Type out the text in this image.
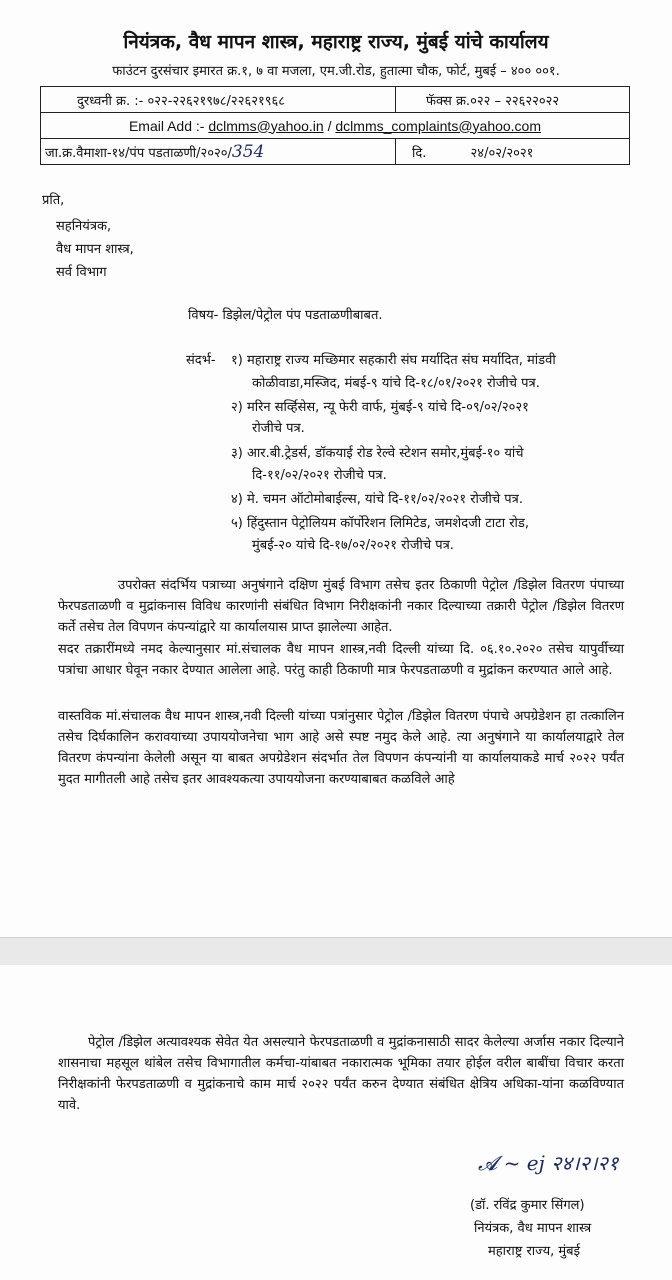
नियंत्रक, वैध मापन शास्त्र, महाराष्ट्र राज्य, मुंबई यांचे कार्यालय
फाउंटन दुरसंचार इमारत क्र.१, ७ वा मजला, एम.जी.रोड, हुतात्मा चौक, फोर्ट, मुबई – ४०० ००१.
दुरध्वनी क्र. :- ०२२-२२६२१९७८/२२६२१९६८	फॅक्स क्र.०२२ – २२६२२०२२
Email Add :- dclmms@yahoo.in / dclmms_complaints@yahoo.com	
जा.क्र.वैमाशा-१४/पंप पडताळणी/२०२०/354	दि. २४/०२/२०२१
प्रति,
सहनियंत्रक,
वैध मापन शास्त्र,
सर्व विभाग
विषय- डिझेल/पेट्रोल पंप पडताळणीबाबत.
संदर्भ- १) महाराष्ट्र राज्य मच्छिमार सहकारी संघ मर्यादित संघ मर्यादित, मांडवी
कोळीवाडा,मस्जिद, मंबई-९ यांचे दि-१८/०१/२०२१ रोजीचे पत्र.
२) मरिन सर्व्हिसेस, न्यू फेरी वार्फ, मुंबई-९ यांचे दि-०९/०२/२०२१
रोजीचे पत्र.
३) आर.बी.ट्रेडर्स, डॉकयाई रोड रेल्वे स्टेशन समोर,मुंबई-१० यांचे
दि-११/०२/२०२१ रोजीचे पत्र.
४) मे. चमन ऑटोमोबाईल्स, यांचे दि-११/०२/२०२१ रोजीचे पत्र.
५) हिंदुस्तान पेट्रोलियम कॉर्पोरेशन लिमिटेड, जमशेदजी टाटा रोड,
मुंबई-२० यांचे दि-१७/०२/२०२१ रोजीचे पत्र.
उपरोक्त संदर्भिय पत्राच्या अनुषंगाने दक्षिण मुंबई विभाग तसेच इतर ठिकाणी पेट्रोल /डिझेल वितरण पंपाच्या फेरपडताळणी व मुद्रांकनास विविध कारणांनी संबंधित विभाग निरीक्षकांनी नकार दिल्याच्या तक्रारी पेट्रोल /डिझेल वितरण कर्ते तसेच तेल विपणन कंपन्यांद्वारे या कार्यालयास प्राप्त झालेल्या आहेत.
सदर तक्रारींमध्ये नमद केल्यानुसार मां.संचालक वैध मापन शास्त्र,नवी दिल्ली यांच्या दि. ०६.१०.२०२० तसेच यापुर्वीच्या पत्रांचा आधार घेवून नकार देण्यात आलेला आहे. परंतु काही ठिकाणी मात्र फेरपडताळणी व मुद्रांकन करण्यात आले आहे.
वास्तविक मां.संचालक वैध मापन शास्त्र,नवी दिल्ली यांच्या पत्रांनुसार पेट्रोल /डिझेल वितरण पंपाचे अपग्रेडेशन हा तत्कालिन तसेच दिर्घकालिन करावयाच्या उपाययोजनेचा भाग आहे असे स्पष्ट नमुद केले आहे. त्या अनुषंगाने या कार्यालयाद्वारे तेल वितरण कंपन्यांना केलेली असून या बाबत अपग्रेडेशन संदर्भात तेल विपणन कंपन्यांनी या कार्यालयाकडे मार्च २०२२ पर्यंत मुदत मागीतली आहे तसेच इतर आवश्यकत्या उपाययोजना करण्याबाबत कळविले आहे
पेट्रोल /डिझेल अत्यावश्यक सेवेत येत असल्याने फेरपडताळणी व मुद्रांकनासाठी सादर केलेल्या अर्जास नकार दिल्याने शासनाचा महसूल थांबेल तसेच विभागातील कर्मचा-यांबाबत नकारात्मक भूमिका तयार होईल वरील बाबींचा विचार करता निरीक्षकांनी फेरपडताळणी व मुद्रांकनाचे काम मार्च २०२२ पर्यंत करुन देण्यात संबंधित क्षेत्रिय अधिका-यांना कळविण्यात यावे.
𝓐 ~ ej २४।२।२१
(डॉ. रविंद्र कुमार सिंगल)
नियंत्रक, वैध मापन शास्त्र
महाराष्ट्र राज्य, मुंबई
